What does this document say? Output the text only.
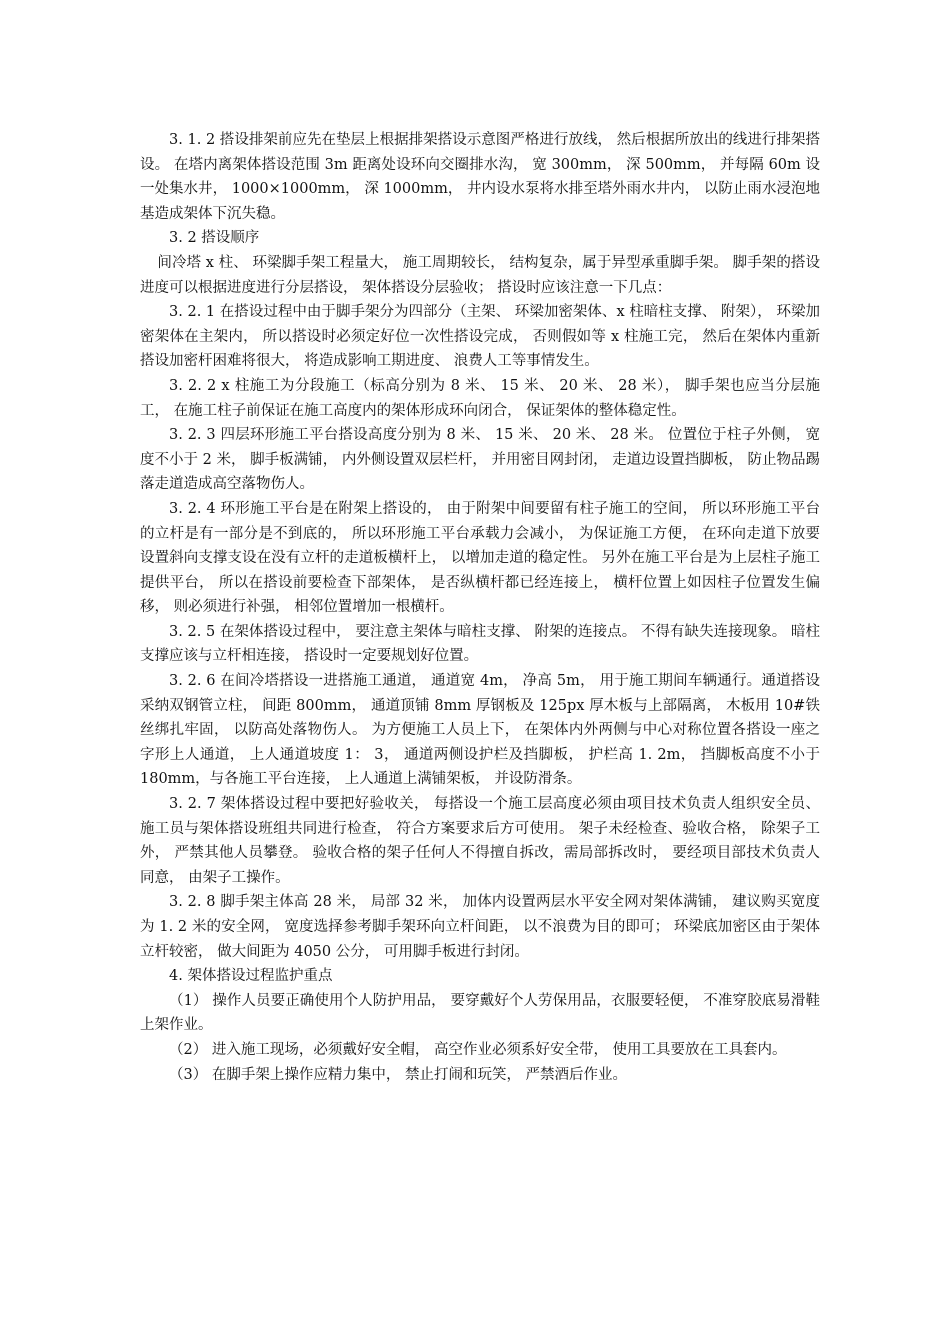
3. 1. 2 搭设排架前应先在垫层上根据排架搭设示意图严格进行放线， 然后根据所放出的线进行排架搭设。 在塔内离架体搭设范围 3m 距离处设环向交圈排水沟， 宽 300mm， 深 500mm， 并每隔 60m 设一处集水井， 1000×1000mm， 深 1000mm， 井内设水泵将水排至塔外雨水井内， 以防止雨水浸泡地基造成架体下沉失稳。

3. 2 搭设顺序

间冷塔 x 柱、 环梁脚手架工程量大， 施工周期较长， 结构复杂，属于异型承重脚手架。 脚手架的搭设进度可以根据进度进行分层搭设， 架体搭设分层验收； 搭设时应该注意一下几点：

3. 2. 1 在搭设过程中由于脚手架分为四部分（主架、 环梁加密架体、x 柱暗柱支撑、 附架）， 环梁加密架体在主架内， 所以搭设时必须定好位一次性搭设完成， 否则假如等 x 柱施工完， 然后在架体内重新搭设加密杆困难将很大， 将造成影响工期进度、 浪费人工等事情发生。

3. 2. 2 x 柱施工为分段施工（标高分别为 8 米、 15 米、 20 米、 28 米）， 脚手架也应当分层施工， 在施工柱子前保证在施工高度内的架体形成环向闭合， 保证架体的整体稳定性。

3. 2. 3 四层环形施工平台搭设高度分别为 8 米、 15 米、 20 米、 28 米。 位置位于柱子外侧， 宽度不小于 2 米， 脚手板满铺， 内外侧设置双层栏杆， 并用密目网封闭， 走道边设置挡脚板， 防止物品踢落走道造成高空落物伤人。

3. 2. 4 环形施工平台是在附架上搭设的， 由于附架中间要留有柱子施工的空间， 所以环形施工平台的立杆是有一部分是不到底的， 所以环形施工平台承载力会减小， 为保证施工方便， 在环向走道下放要设置斜向支撑支设在没有立杆的走道板横杆上， 以增加走道的稳定性。 另外在施工平台是为上层柱子施工提供平台， 所以在搭设前要检查下部架体， 是否纵横杆都已经连接上， 横杆位置上如因柱子位置发生偏移， 则必须进行补强， 相邻位置增加一根横杆。

3. 2. 5 在架体搭设过程中， 要注意主架体与暗柱支撑、 附架的连接点。 不得有缺失连接现象。 暗柱支撑应该与立杆相连接， 搭设时一定要规划好位置。

3. 2. 6 在间冷塔搭设一进搭施工通道， 通道宽 4m， 净高 5m， 用于施工期间车辆通行。通道搭设采纳双钢管立柱， 间距 800mm， 通道顶铺 8mm 厚钢板及 125px 厚木板与上部隔离， 木板用 10#铁丝绑扎牢固， 以防高处落物伤人。 为方便施工人员上下， 在架体内外两侧与中心对称位置各搭设一座之字形上人通道， 上人通道坡度 1： 3， 通道两侧设护栏及挡脚板， 护栏高 1. 2m， 挡脚板高度不小于 180mm，与各施工平台连接， 上人通道上满铺架板， 并设防滑条。

3. 2. 7 架体搭设过程中要把好验收关， 每搭设一个施工层高度必须由项目技术负责人组织安全员、 施工员与架体搭设班组共同进行检查， 符合方案要求后方可使用。 架子未经检查、验收合格， 除架子工外， 严禁其他人员攀登。 验收合格的架子任何人不得擅自拆改，需局部拆改时， 要经项目部技术负责人同意， 由架子工操作。

3. 2. 8 脚手架主体高 28 米， 局部 32 米， 加体内设置两层水平安全网对架体满铺， 建议购买宽度为 1. 2 米的安全网， 宽度选择参考脚手架环向立杆间距， 以不浪费为目的即可； 环梁底加密区由于架体立杆较密， 做大间距为 4050 公分， 可用脚手板进行封闭。

4. 架体搭设过程监护重点

（1） 操作人员要正确使用个人防护用品， 要穿戴好个人劳保用品，衣服要轻便， 不准穿胶底易滑鞋上架作业。

（2） 进入施工现场，必须戴好安全帽， 高空作业必须系好安全带， 使用工具要放在工具套内。

（3） 在脚手架上操作应精力集中， 禁止打闹和玩笑， 严禁酒后作业。
